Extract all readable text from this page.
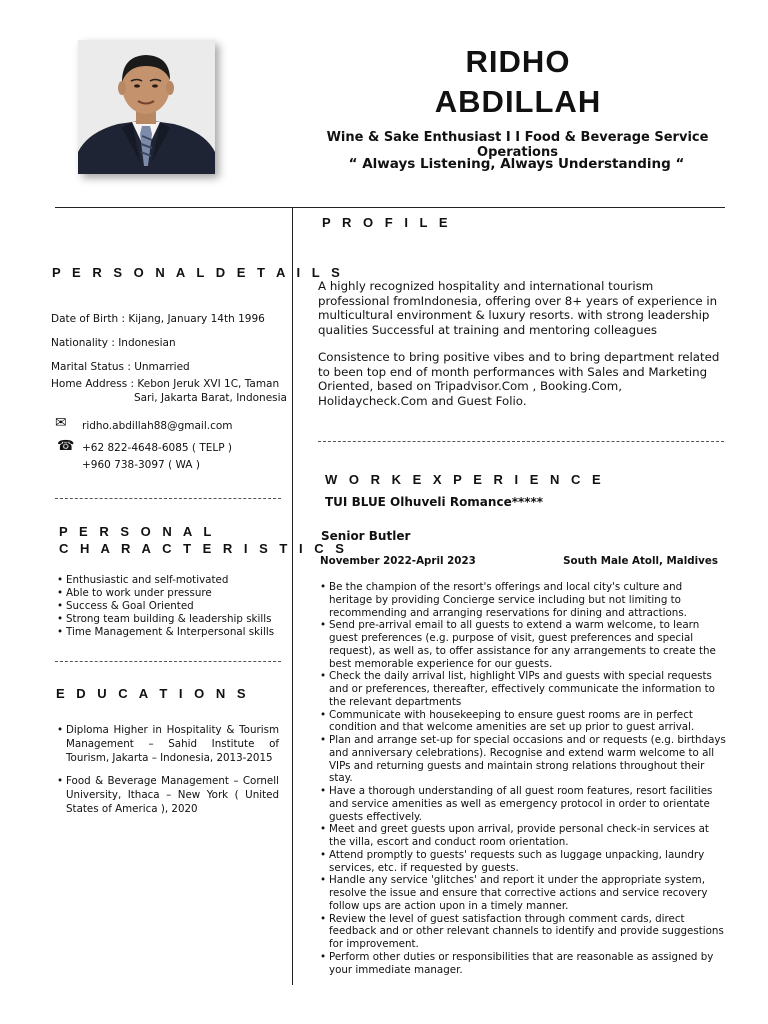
RIDHO
ABDILLAH
Wine & Sake Enthusiast I I Food & Beverage Service Operations
“ Always Listening, Always Understanding “
P R O F I L E
A highly recognized hospitality and international tourism professional fromIndonesia, offering over 8+ years of experience in multicultural environment & luxury resorts. with strong leadership qualities Successful at training and mentoring colleagues
Consistence to bring positive vibes and to bring department related to been top end of month performances with Sales and Marketing Oriented, based on Tripadvisor.Com , Booking.Com, Holidaycheck.Com and Guest Folio.
P E R S O N A L D E T A I L S
Date of Birth : Kijang, January 14th 1996
Nationality : Indonesian
Marital Status : Unmarried
Home Address : Kebon Jeruk XVI 1C, Taman
Sari, Jakarta Barat, Indonesia
✉ ridho.abdillah88@gmail.com
☎ +62 822-4648-6085 ( TELP )
+960 738-3097 ( WA )
P E R S O N A L
C H A R A C T E R I S T I C S
• Enthusiastic and self-motivated
• Able to work under pressure
• Success & Goal Oriented
• Strong team building & leadership skills
• Time Management & Interpersonal skills
E D U C A T I O N S
• Diploma Higher in Hospitality & Tourism Management – Sahid Institute of Tourism, Jakarta – Indonesia, 2013-2015
• Food & Beverage Management – Cornell University, Ithaca – New York ( United States of America ), 2020
W O R K E X P E R I E N C E
TUI BLUE Olhuveli Romance*****
Senior Butler
November 2022-April 2023	South Male Atoll, Maldives
• Be the champion of the resort's offerings and local city's culture and heritage by providing Concierge service including but not limiting to recommending and arranging reservations for dining and attractions.
• Send pre-arrival email to all guests to extend a warm welcome, to learn guest preferences (e.g. purpose of visit, guest preferences and special request), as well as, to offer assistance for any arrangements to create the best memorable experience for our guests.
• Check the daily arrival list, highlight VIPs and guests with special requests and or preferences, thereafter, effectively communicate the information to the relevant departments
• Communicate with housekeeping to ensure guest rooms are in perfect condition and that welcome amenities are set up prior to guest arrival.
• Plan and arrange set-up for special occasions and or requests (e.g. birthdays and anniversary celebrations). Recognise and extend warm welcome to all VIPs and returning guests and maintain strong relations throughout their stay.
• Have a thorough understanding of all guest room features, resort facilities and service amenities as well as emergency protocol in order to orientate guests effectively.
• Meet and greet guests upon arrival, provide personal check-in services at the villa, escort and conduct room orientation.
• Attend promptly to guests' requests such as luggage unpacking, laundry services, etc. if requested by guests.
• Handle any service 'glitches' and report it under the appropriate system, resolve the issue and ensure that corrective actions and service recovery follow ups are action upon in a timely manner.
• Review the level of guest satisfaction through comment cards, direct feedback and or other relevant channels to identify and provide suggestions for improvement.
• Perform other duties or responsibilities that are reasonable as assigned by your immediate manager.
